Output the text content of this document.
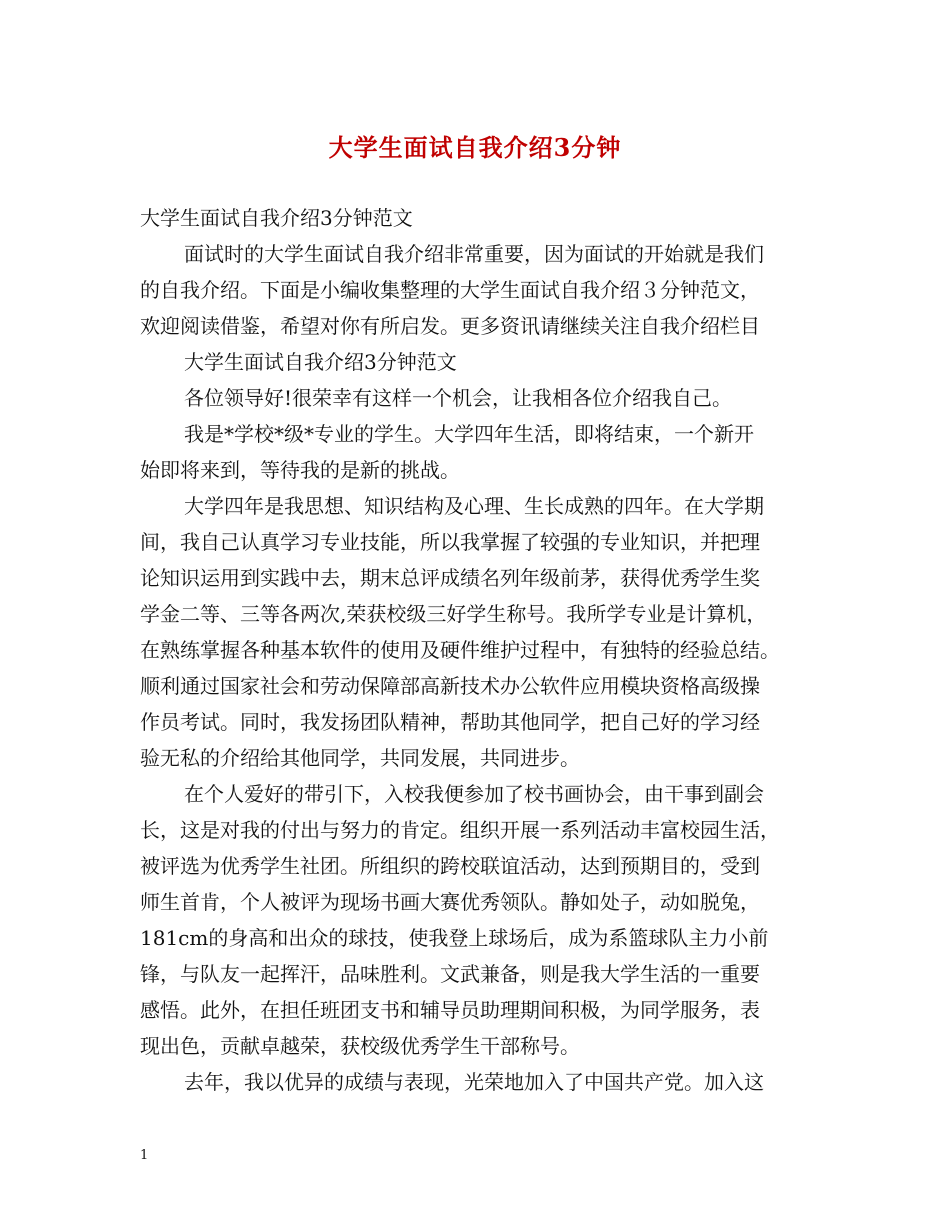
大学生面试自我介绍3分钟

大学生面试自我介绍3分钟范文

面试时的大学生面试自我介绍非常重要，因为面试的开始就是我们

的自我介绍。下面是小编收集整理的大学生面试自我介绍３分钟范文，

欢迎阅读借鉴，希望对你有所启发。更多资讯请继续关注自我介绍栏目

大学生面试自我介绍3分钟范文

各位领导好!很荣幸有这样一个机会，让我相各位介绍我自己。

我是*学校*级*专业的学生。大学四年生活，即将结束，一个新开

始即将来到，等待我的是新的挑战。

大学四年是我思想、知识结构及心理、生长成熟的四年。在大学期

间，我自己认真学习专业技能，所以我掌握了较强的专业知识，并把理

论知识运用到实践中去，期末总评成绩名列年级前茅，获得优秀学生奖

学金二等、三等各两次,荣获校级三好学生称号。我所学专业是计算机，

在熟练掌握各种基本软件的使用及硬件维护过程中，有独特的经验总结。

顺利通过国家社会和劳动保障部高新技术办公软件应用模块资格高级操

作员考试。同时，我发扬团队精神，帮助其他同学，把自己好的学习经

验无私的介绍给其他同学，共同发展，共同进步。

在个人爱好的带引下，入校我便参加了校书画协会，由干事到副会

长，这是对我的付出与努力的肯定。组织开展一系列活动丰富校园生活，

被评选为优秀学生社团。所组织的跨校联谊活动，达到预期目的，受到

师生首肯，个人被评为现场书画大赛优秀领队。静如处子，动如脱兔，

181cm的身高和出众的球技，使我登上球场后，成为系篮球队主力小前

锋，与队友一起挥汗，品味胜利。文武兼备，则是我大学生活的一重要

感悟。此外，在担任班团支书和辅导员助理期间积极，为同学服务，表

现出色，贡献卓越荣，获校级优秀学生干部称号。

去年，我以优异的成绩与表现，光荣地加入了中国共产党。加入这

1
